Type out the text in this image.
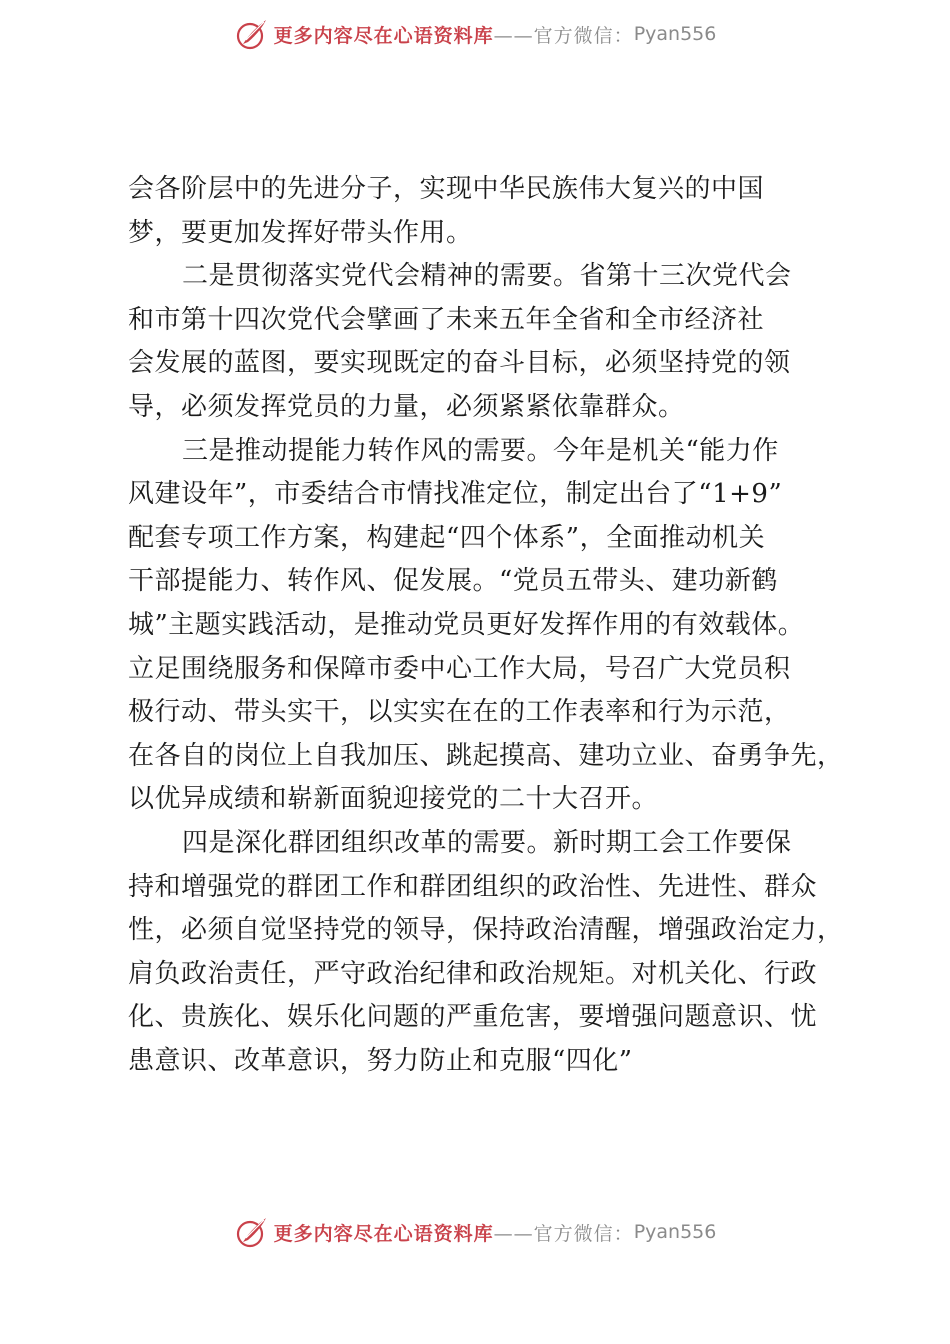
更多内容尽在心语资料库 ——官方微信： Pyan556
会各阶层中的先进分子，实现中华民族伟大复兴的中国
梦，要更加发挥好带头作用。
二是贯彻落实党代会精神的需要。省第十三次党代会
和市第十四次党代会擘画了未来五年全省和全市经济社
会发展的蓝图，要实现既定的奋斗目标，必须坚持党的领
导，必须发挥党员的力量，必须紧紧依靠群众。
三是推动提能力转作风的需要。今年是机关“能力作
风建设年”，市委结合市情找准定位，制定出台了“1+9”
配套专项工作方案，构建起“四个体系”，全面推动机关
干部提能力、转作风、促发展。“党员五带头、建功新鹤
城”主题实践活动，是推动党员更好发挥作用的有效载体。
立足围绕服务和保障市委中心工作大局，号召广大党员积
极行动、带头实干，以实实在在的工作表率和行为示范，
在各自的岗位上自我加压、跳起摸高、建功立业、奋勇争先，
以优异成绩和崭新面貌迎接党的二十大召开。
四是深化群团组织改革的需要。新时期工会工作要保
持和增强党的群团工作和群团组织的政治性、先进性、群众
性，必须自觉坚持党的领导，保持政治清醒，增强政治定力，
肩负政治责任，严守政治纪律和政治规矩。对机关化、行政
化、贵族化、娱乐化问题的严重危害，要增强问题意识、忧
患意识、改革意识，努力防止和克服“四化”
更多内容尽在心语资料库 ——官方微信： Pyan556
